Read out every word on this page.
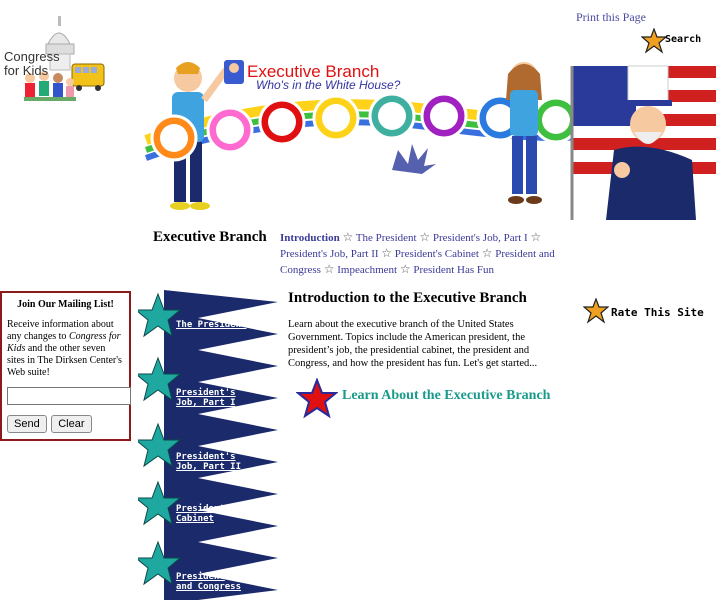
Congress
for Kids
Print this Page
Search
Executive Branch
Who's in the White House?
Executive Branch Introduction ☆ The President ☆ President's Job, Part I ☆ President's Job, Part II ☆ President's Cabinet ☆ President and Congress ☆ Impeachment ☆ President Has Fun
Join Our Mailing List!
Receive information about any changes to Congress for Kids and the other seven sites in The Dirksen Center's Web suite!
Send Clear
The President
President's
Job, Part I
President's
Job, Part II
President's
Cabinet
President
and Congress
Introduction to the Executive Branch
Learn about the executive branch of the United States Government. Topics include the American president, the president’s job, the presidential cabinet, the president and Congress, and how the president has fun. Let's get started...
Learn About the Executive Branch
Rate This Site
